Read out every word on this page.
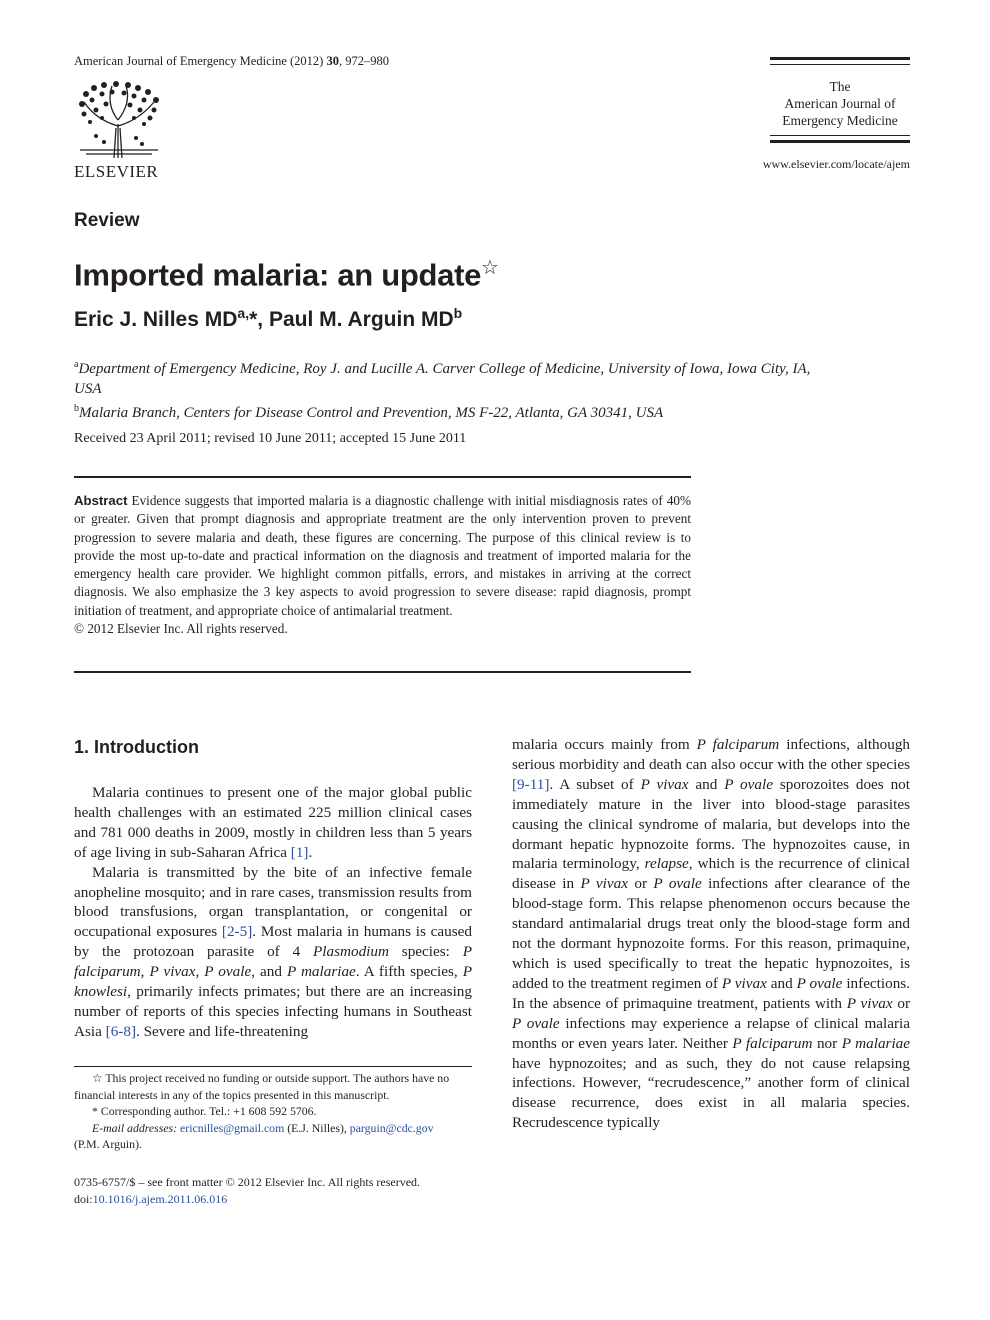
American Journal of Emergency Medicine (2012) 30, 972–980
ELSEVIER
The
American Journal of
Emergency Medicine
www.elsevier.com/locate/ajem
Review
Imported malaria: an update☆
Eric J. Nilles $MD^{a,}*$, Paul M. Arguin $MD^b$
$^a$Department of Emergency Medicine, Roy J. and Lucille A. Carver College of Medicine, University of Iowa, Iowa City, IA, USA
$^b$Malaria Branch, Centers for Disease Control and Prevention, MS F-22, Atlanta, GA 30341, USA
Received 23 April 2011; revised 10 June 2011; accepted 15 June 2011
Abstract Evidence suggests that imported malaria is a diagnostic challenge with initial misdiagnosis rates of 40% or greater. Given that prompt diagnosis and appropriate treatment are the only intervention proven to prevent progression to severe malaria and death, these figures are concerning. The purpose of this clinical review is to provide the most up-to-date and practical information on the diagnosis and treatment of imported malaria for the emergency health care provider. We highlight common pitfalls, errors, and mistakes in arriving at the correct diagnosis. We also emphasize the 3 key aspects to avoid progression to severe disease: rapid diagnosis, prompt initiation of treatment, and appropriate choice of antimalarial treatment.
© 2012 Elsevier Inc. All rights reserved.
1. Introduction

Malaria continues to present one of the major global public health challenges with an estimated 225 million clinical cases and 781 000 deaths in 2009, mostly in children less than 5 years of age living in sub-Saharan Africa [1].

Malaria is transmitted by the bite of an infective female anopheline mosquito; and in rare cases, transmission results from blood transfusions, organ transplantation, or congenital or occupational exposures [2-5]. Most malaria in humans is caused by the protozoan parasite of 4 Plasmodium species: P falciparum, P vivax, P ovale, and P malariae. A fifth species, P knowlesi, primarily infects primates; but there are an increasing number of reports of this species infecting humans in Southeast Asia [6-8]. Severe and life-threatening

☆ This project received no funding or outside support. The authors have no financial interests in any of the topics presented in this manuscript.

* Corresponding author. Tel.: +1 608 592 5706.

E-mail addresses: ericnilles@gmail.com (E.J. Nilles), parguin@cdc.gov

(P.M. Arguin).

0735-6757/$ – see front matter © 2012 Elsevier Inc. All rights reserved.

doi:10.1016/j.ajem.2011.06.016

malaria occurs mainly from P falciparum infections, although serious morbidity and death can also occur with the other species [9-11]. A subset of P vivax and P ovale sporozoites does not immediately mature in the liver into blood-stage parasites causing the clinical syndrome of malaria, but develops into the dormant hepatic hypnozoite forms. The hypnozoites cause, in malaria terminology, relapse, which is the recurrence of clinical disease in P vivax or P ovale infections after clearance of the blood-stage form. This relapse phenomenon occurs because the standard antimalarial drugs treat only the blood-stage form and not the dormant hypnozoite forms. For this reason, primaquine, which is used specifically to treat the hepatic hypnozoites, is added to the treatment regimen of P vivax and P ovale infections. In the absence of primaquine treatment, patients with P vivax or P ovale infections may experience a relapse of clinical malaria months or even years later. Neither P falciparum nor P malariae have hypnozoites; and as such, they do not cause relapsing infections. However, “recrudescence,” another form of clinical disease recurrence, does exist in all malaria species. Recrudescence typically
